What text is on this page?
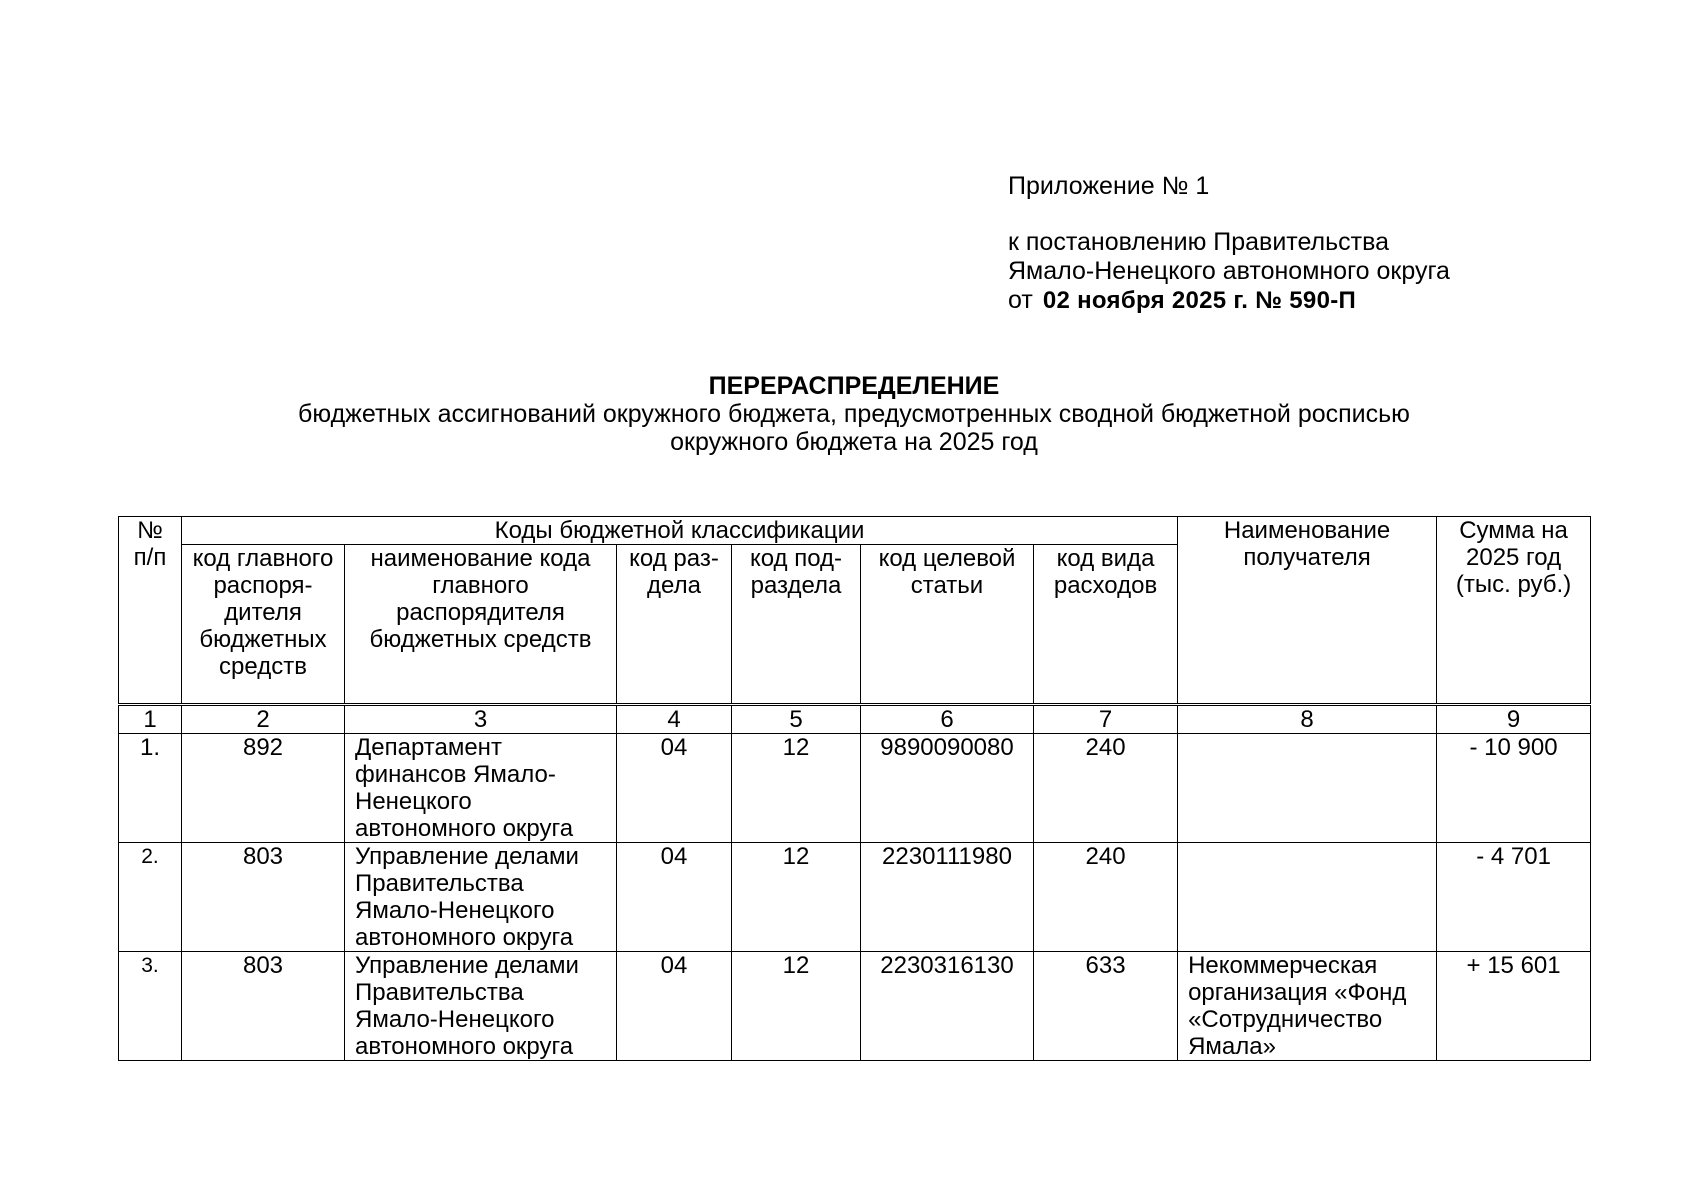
Приложение № 1
к постановлению Правительства
Ямало-Ненецкого автономного округа
от 02 ноября 2025 г. № 590-П
ПЕРЕРАСПРЕДЕЛЕНИЕ
бюджетных ассигнований окружного бюджета, предусмотренных сводной бюджетной росписью
окружного бюджета на 2025 год
№ п/п	Коды бюджетной классификации						Наименование получателя	Сумма на 2025 год (тыс. руб.)
	код главного распоря-дителя бюджетных средств	наименование кода главного распорядителя бюджетных средств	код раз-дела	код под-раздела	код целевой статьи	код вида расходов		
1	2	3	4	5	6	7	8	9
1.	892	Департамент финансов Ямало-Ненецкого автономного округа	04	12	9890090080	240		- 10 900
2.	803	Управление делами Правительства Ямало-Ненецкого автономного округа	04	12	2230111980	240		- 4 701
3.	803	Управление делами Правительства Ямало-Ненецкого автономного округа	04	12	2230316130	633	Некоммерческая организация «Фонд «Сотрудничество Ямала»	+ 15 601
